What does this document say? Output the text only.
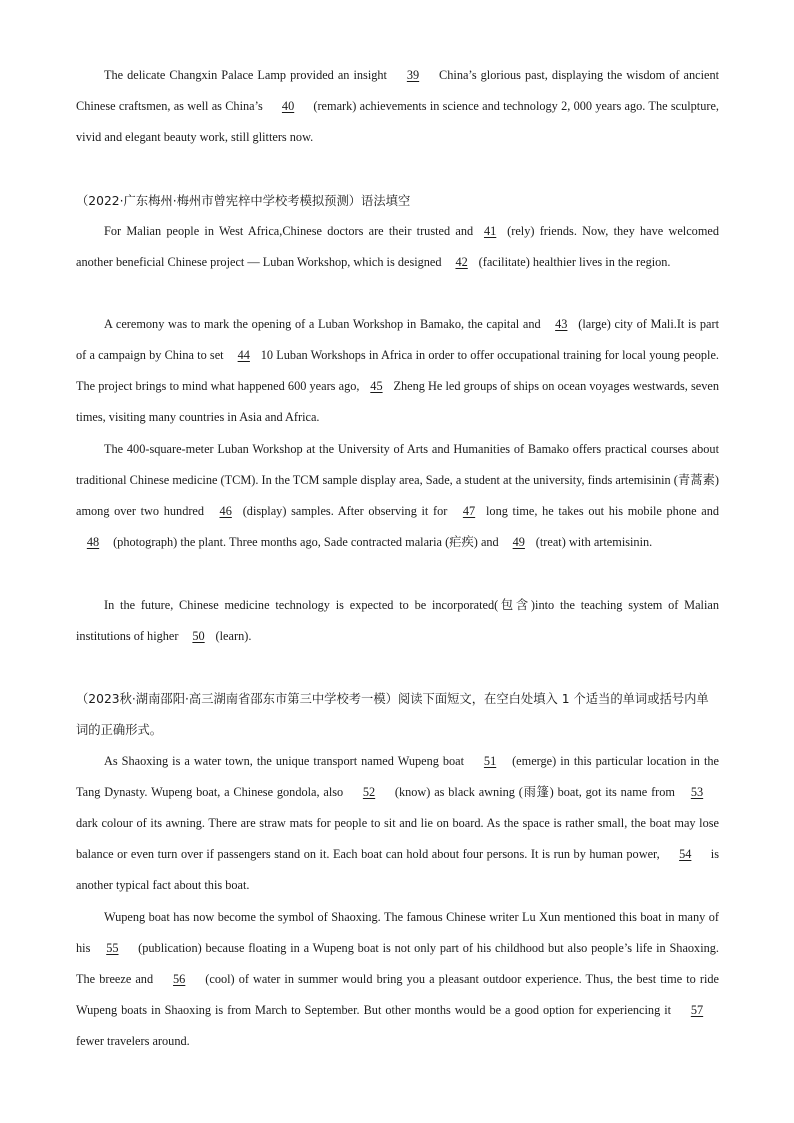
The delicate Changxin Palace Lamp provided an insight 39 China’s glorious past, displaying the wisdom of ancient Chinese craftsmen, as well as China’s 40 (remark) achievements in science and technology 2, 000 years ago. The sculpture, vivid and elegant beauty work, still glitters now.

（2022·广东梅州·梅州市曾宪梓中学校考模拟预测）语法填空

For Malian people in West Africa,Chinese doctors are their trusted and 41 (rely) friends. Now, they have welcomed another beneficial Chinese project — Luban Workshop, which is designed 42 (facilitate) healthier lives in the region.

A ceremony was to mark the opening of a Luban Workshop in Bamako, the capital and 43 (large) city of Mali.It is part of a campaign by China to set 44 10 Luban Workshops in Africa in order to offer occupational training for local young people. The project brings to mind what happened 600 years ago, 45 Zheng He led groups of ships on ocean voyages westwards, seven times, visiting many countries in Asia and Africa.

The 400-square-meter Luban Workshop at the University of Arts and Humanities of Bamako offers practical courses about traditional Chinese medicine (TCM). In the TCM sample display area, Sade, a student at the university, finds artemisinin (青蒿素) among over two hundred 46 (display) samples. After observing it for 47 long time, he takes out his mobile phone and 48 (photograph) the plant. Three months ago, Sade contracted malaria (疟疾) and 49 (treat) with artemisinin.

In the future, Chinese medicine technology is expected to be incorporated(包含)into the teaching system of Malian institutions of higher 50 (learn).

（2023秋·湖南邵阳·高三湖南省邵东市第三中学校考一模）阅读下面短文，在空白处填入 1 个适当的单词或括号内单词的正确形式。

As Shaoxing is a water town, the unique transport named Wupeng boat 51 (emerge) in this particular location in the Tang Dynasty. Wupeng boat, a Chinese gondola, also 52 (know) as black awning (雨篷) boat, got its name from 53dark colour of its awning. There are straw mats for people to sit and lie on board. As the space is rather small, the boat may lose balance or even turn over if passengers stand on it. Each boat can hold about four persons. It is run by human power, 54 is another typical fact about this boat.

Wupeng boat has now become the symbol of Shaoxing. The famous Chinese writer Lu Xun mentioned this boat in many of his 55 (publication) because floating in a Wupeng boat is not only part of his childhood but also people’s life in Shaoxing. The breeze and 56 (cool) of water in summer would bring you a pleasant outdoor experience. Thus, the best time to ride Wupeng boats in Shaoxing is from March to September. But other months would be a good option for experiencing it 57 fewer travelers around.
